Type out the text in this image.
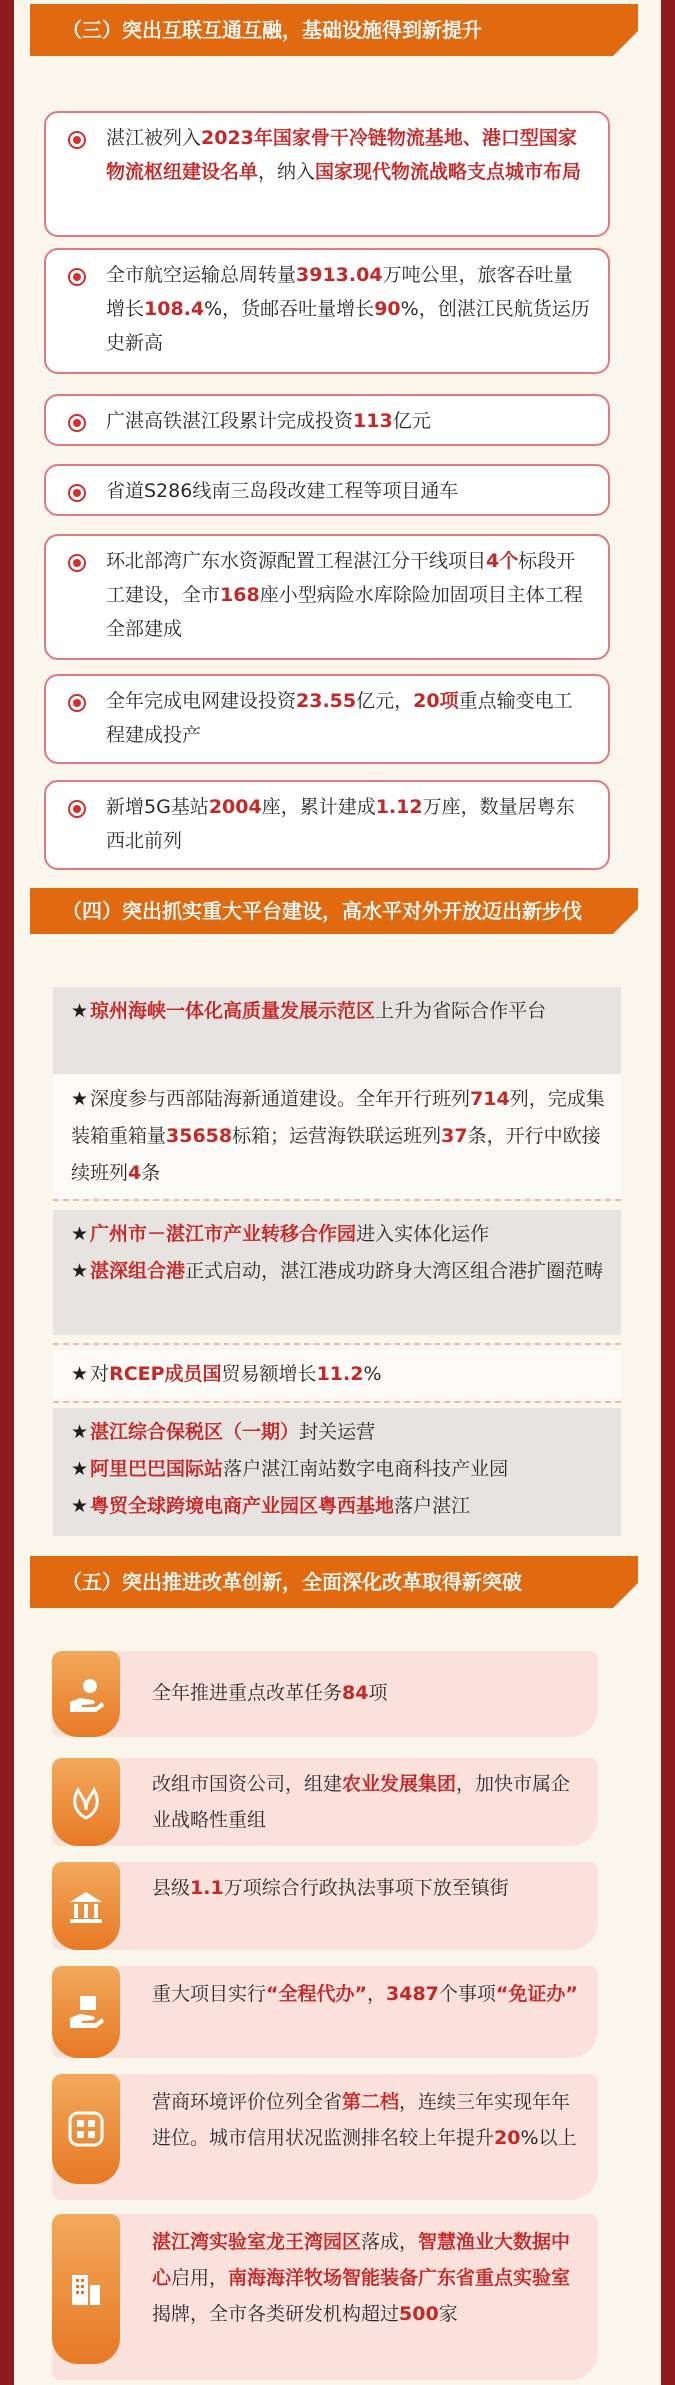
（三）突出互联互通互融，基础设施得到新提升
湛江被列入2023年国家骨干冷链物流基地、港口型国家物流枢纽建设名单，纳入国家现代物流战略支点城市布局
全市航空运输总周转量3913.04万吨公里，旅客吞吐量增长108.4%，货邮吞吐量增长90%，创湛江民航货运历史新高
广湛高铁湛江段累计完成投资113亿元
省道S286线南三岛段改建工程等项目通车
环北部湾广东水资源配置工程湛江分干线项目4个标段开工建设，全市168座小型病险水库除险加固项目主体工程全部建成
全年完成电网建设投资23.55亿元，20项重点输变电工程建成投产
新增5G基站2004座，累计建成1.12万座，数量居粤东西北前列
（四）突出抓实重大平台建设，高水平对外开放迈出新步伐
★ 琼州海峡一体化高质量发展示范区上升为省际合作平台
★ 深度参与西部陆海新通道建设。全年开行班列714列，完成集装箱重箱量35658标箱；运营海铁联运班列37条，开行中欧接续班列4条
★ 广州市－湛江市产业转移合作园进入实体化运作
★ 湛深组合港正式启动，湛江港成功跻身大湾区组合港扩圈范畴
★ 对RCEP成员国贸易额增长11.2%
★ 湛江综合保税区（一期）封关运营
★ 阿里巴巴国际站落户湛江南站数字电商科技产业园
★ 粤贸全球跨境电商产业园区粤西基地落户湛江
（五）突出推进改革创新，全面深化改革取得新突破
全年推进重点改革任务84项
改组市国资公司，组建农业发展集团，加快市属企业战略性重组
县级1.1万项综合行政执法事项下放至镇街
重大项目实行“全程代办”，3487个事项“免证办”
营商环境评价位列全省第二档，连续三年实现年年进位。城市信用状况监测排名较上年提升20%以上
湛江湾实验室龙王湾园区落成，智慧渔业大数据中心启用，南海海洋牧场智能装备广东省重点实验室揭牌，全市各类研发机构超过500家
